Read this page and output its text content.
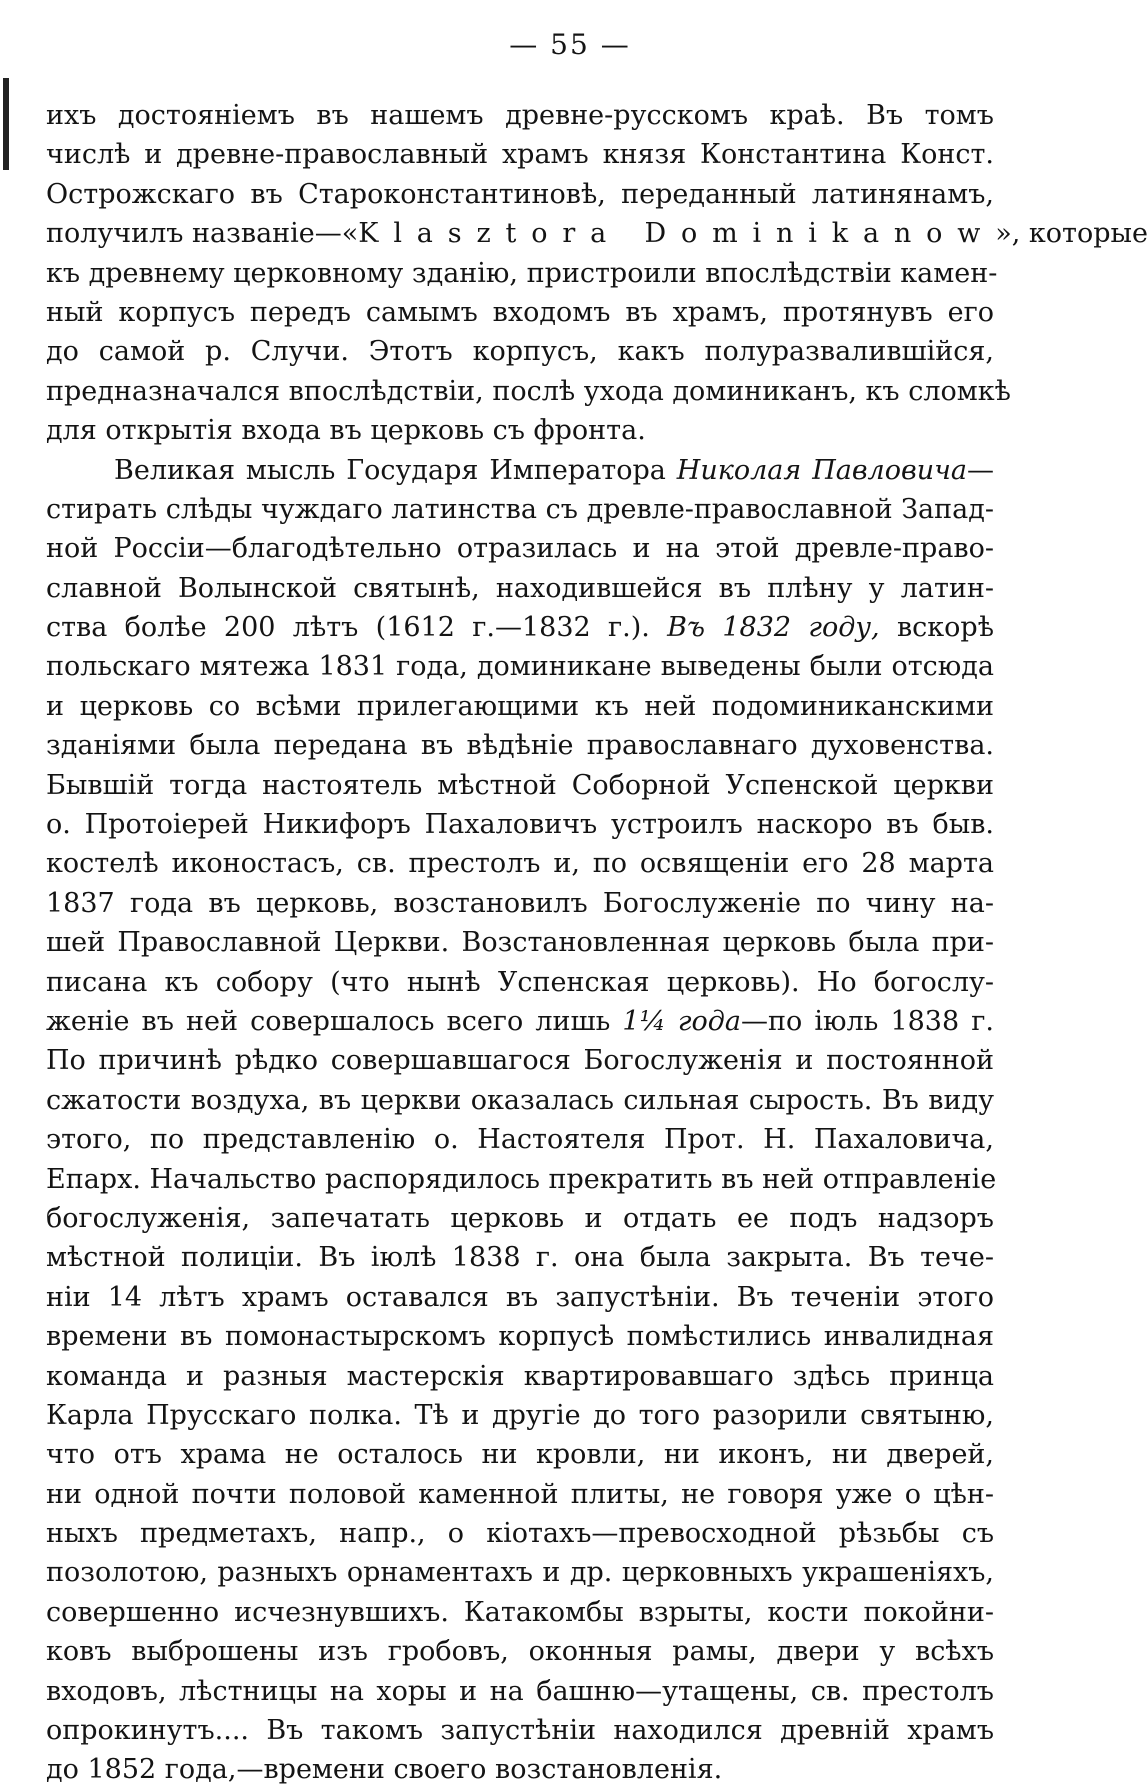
— 55 —
ихъ достояніемъ въ нашемъ древне-русскомъ краѣ. Въ томъ
числѣ и древне-православный храмъ князя Константина Конст.
Острожскаго въ Староконстантиновѣ, переданный латинянамъ,
получилъ названіе—«Klasztora Dominikanow», которые
къ древнему церковному зданію, пристроили впослѣдствіи камен-
ный корпусъ передъ самымъ входомъ въ храмъ, протянувъ его
до самой р. Случи. Этотъ корпусъ, какъ полуразвалившійся,
предназначался впослѣдствіи, послѣ ухода доминиканъ, къ сломкѣ
для открытія входа въ церковь съ фронта.
Великая мысль Государя Императора Николая Павловича—
стирать слѣды чуждаго латинства съ древле-православной Запад-
ной Россіи—благодѣтельно отразилась и на этой древле-право-
славной Волынской святынѣ, находившейся въ плѣну у латин-
ства болѣе 200 лѣтъ (1612 г.—1832 г.). Въ 1832 году, вскорѣ
польскаго мятежа 1831 года, доминикане выведены были отсюда
и церковь со всѣми прилегающими къ ней подоминиканскими
зданіями была передана въ вѣдѣніе православнаго духовенства.
Бывшій тогда настоятель мѣстной Соборной Успенской церкви
о. Протоіерей Никифоръ Пахаловичъ устроилъ наскоро въ быв.
костелѣ иконостасъ, св. престолъ и, по освященіи его 28 марта
1837 года въ церковь, возстановилъ Богослуженіе по чину на-
шей Православной Церкви. Возстановленная церковь была при-
писана къ собору (что нынѣ Успенская церковь). Но богослу-
женіе въ ней совершалось всего лишь 1¼ года—по іюль 1838 г.
По причинѣ рѣдко совершавшагося Богослуженія и постоянной
сжатости воздуха, въ церкви оказалась сильная сырость. Въ виду
этого, по представленію о. Настоятеля Прот. Н. Пахаловича,
Епарх. Начальство распорядилось прекратить въ ней отправленіе
богослуженія, запечатать церковь и отдать ее подъ надзоръ
мѣстной полиціи. Въ іюлѣ 1838 г. она была закрыта. Въ тече-
ніи 14 лѣтъ храмъ оставался въ запустѣніи. Въ теченіи этого
времени въ помонастырскомъ корпусѣ помѣстились инвалидная
команда и разныя мастерскія квартировавшаго здѣсь принца
Карла Прусскаго полка. Тѣ и другіе до того разорили святыню,
что отъ храма не осталось ни кровли, ни иконъ, ни дверей,
ни одной почти половой каменной плиты, не говоря уже о цѣн-
ныхъ предметахъ, напр., о кіотахъ—превосходной рѣзьбы съ
позолотою, разныхъ орнаментахъ и др. церковныхъ украшеніяхъ,
совершенно исчезнувшихъ. Катакомбы взрыты, кости покойни-
ковъ выброшены изъ гробовъ, оконныя рамы, двери у всѣхъ
входовъ, лѣстницы на хоры и на башню—утащены, св. престолъ
опрокинутъ.... Въ такомъ запустѣніи находился древній храмъ
до 1852 года,—времени своего возстановленія.
